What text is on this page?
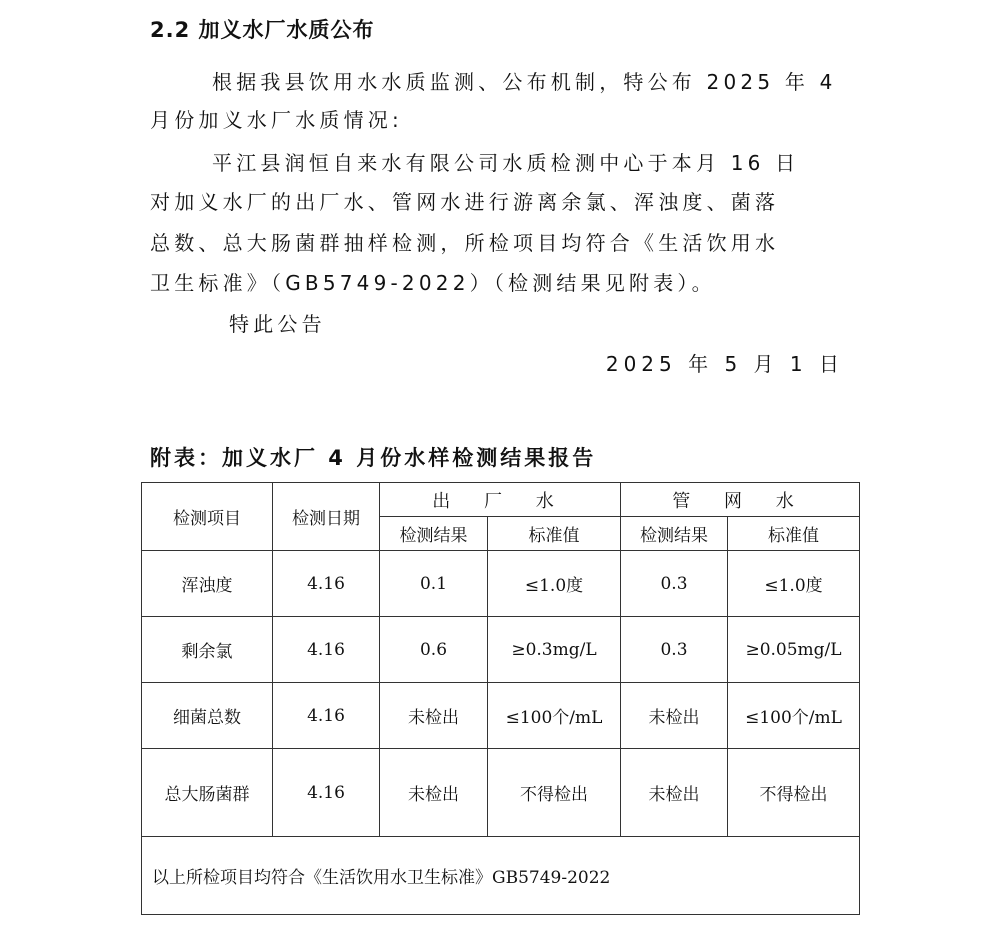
2.2 加义水厂水质公布
根据我县饮用水水质监测、公布机制，特公布 2025 年 4
月份加义水厂水质情况:
平江县润恒自来水有限公司水质检测中心于本月 16 日
对加义水厂的出厂水、管网水进行游离余氯、浑浊度、菌落
总数、总大肠菌群抽样检测，所检项目均符合《生活饮用水
卫生标准》（GB5749-2022）（检测结果见附表）。
特此公告
2025 年 5 月 1 日
附表：加义水厂 4 月份水样检测结果报告
检测项目	检测日期	出 厂 水		管 网 水	
		检测结果	标准值	检测结果	标准值
浑浊度	4.16	0.1	≤1.0度	0.3	≤1.0度
剩余氯	4.16	0.6	≥0.3mg/L	0.3	≥0.05mg/L
细菌总数	4.16	未检出	≤100个/mL	未检出	≤100个/mL
总大肠菌群	4.16	未检出	不得检出	未检出	不得检出
以上所检项目均符合《生活饮用水卫生标准》GB5749-2022					
